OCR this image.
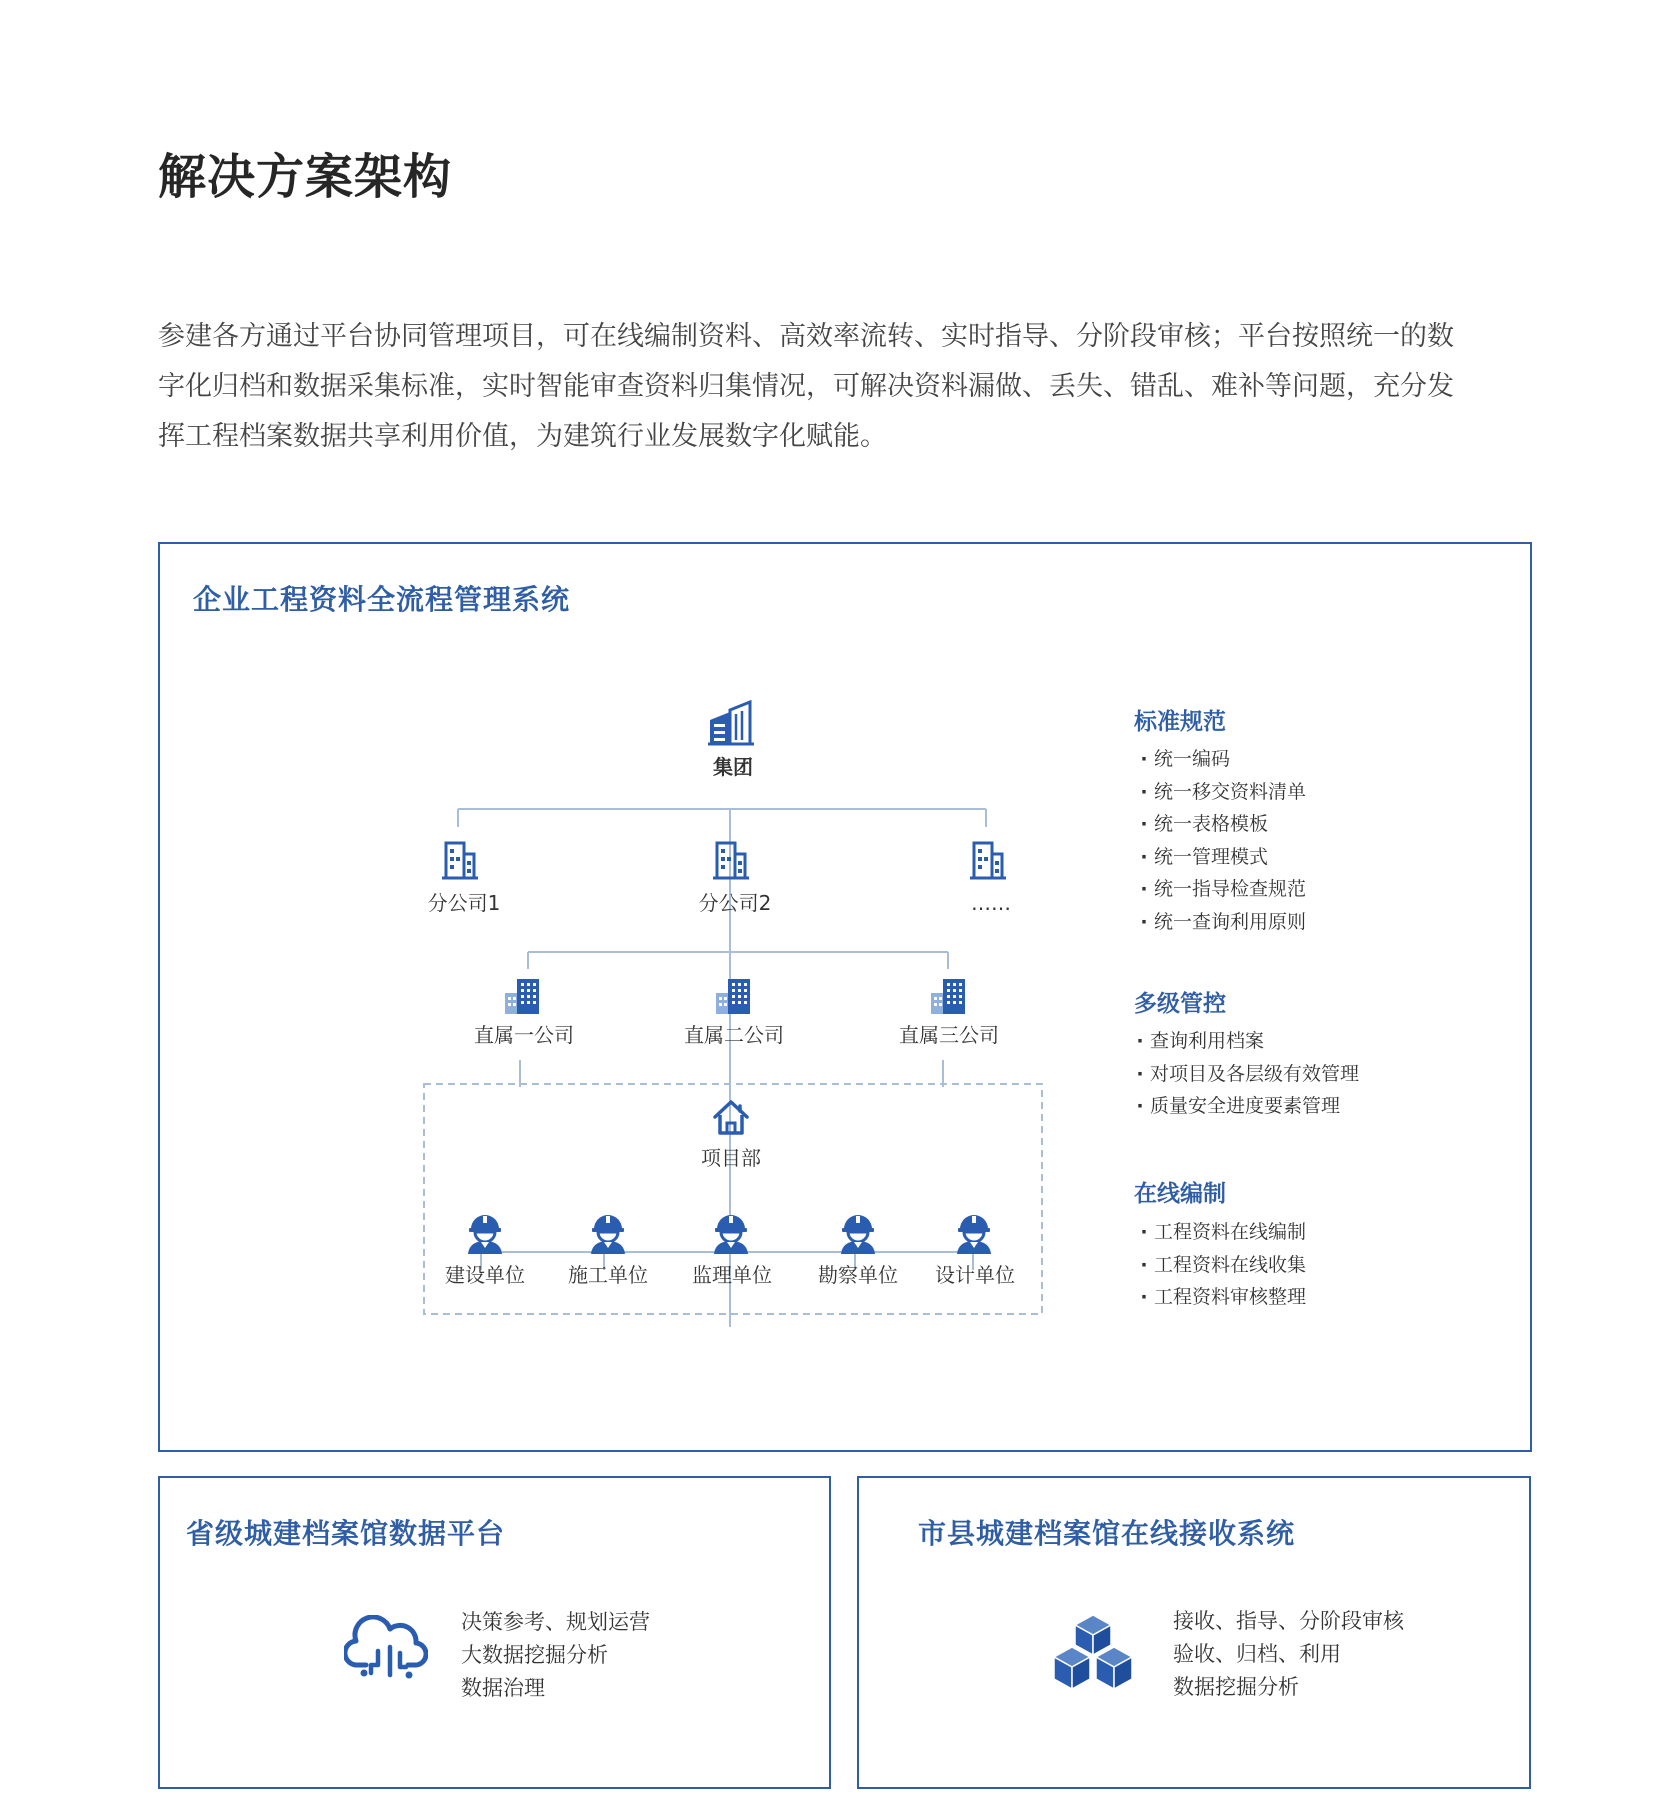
解决方案架构
参建各方通过平台协同管理项目，可在线编制资料、高效率流转、实时指导、分阶段审核；平台按照统一的数
字化归档和数据采集标准，实时智能审查资料归集情况，可解决资料漏做、丢失、错乱、难补等问题，充分发
挥工程档案数据共享利用价值，为建筑行业发展数字化赋能。
企业工程资料全流程管理系统
集团
分公司1	分公司2	……
直属一公司	直属二公司	直属三公司
项目部
建设单位 施工单位 监理单位 勘察单位 设计单位
标准规范
· 统一编码
· 统一移交资料清单
· 统一表格模板
· 统一管理模式
· 统一指导检查规范
· 统一查询利用原则
多级管控
· 查询利用档案
· 对项目及各层级有效管理
· 质量安全进度要素管理
在线编制
· 工程资料在线编制
· 工程资料在线收集
· 工程资料审核整理
省级城建档案馆数据平台
决策参考、规划运营
大数据挖掘分析
数据治理
市县城建档案馆在线接收系统
接收、指导、分阶段审核
验收、归档、利用
数据挖掘分析
